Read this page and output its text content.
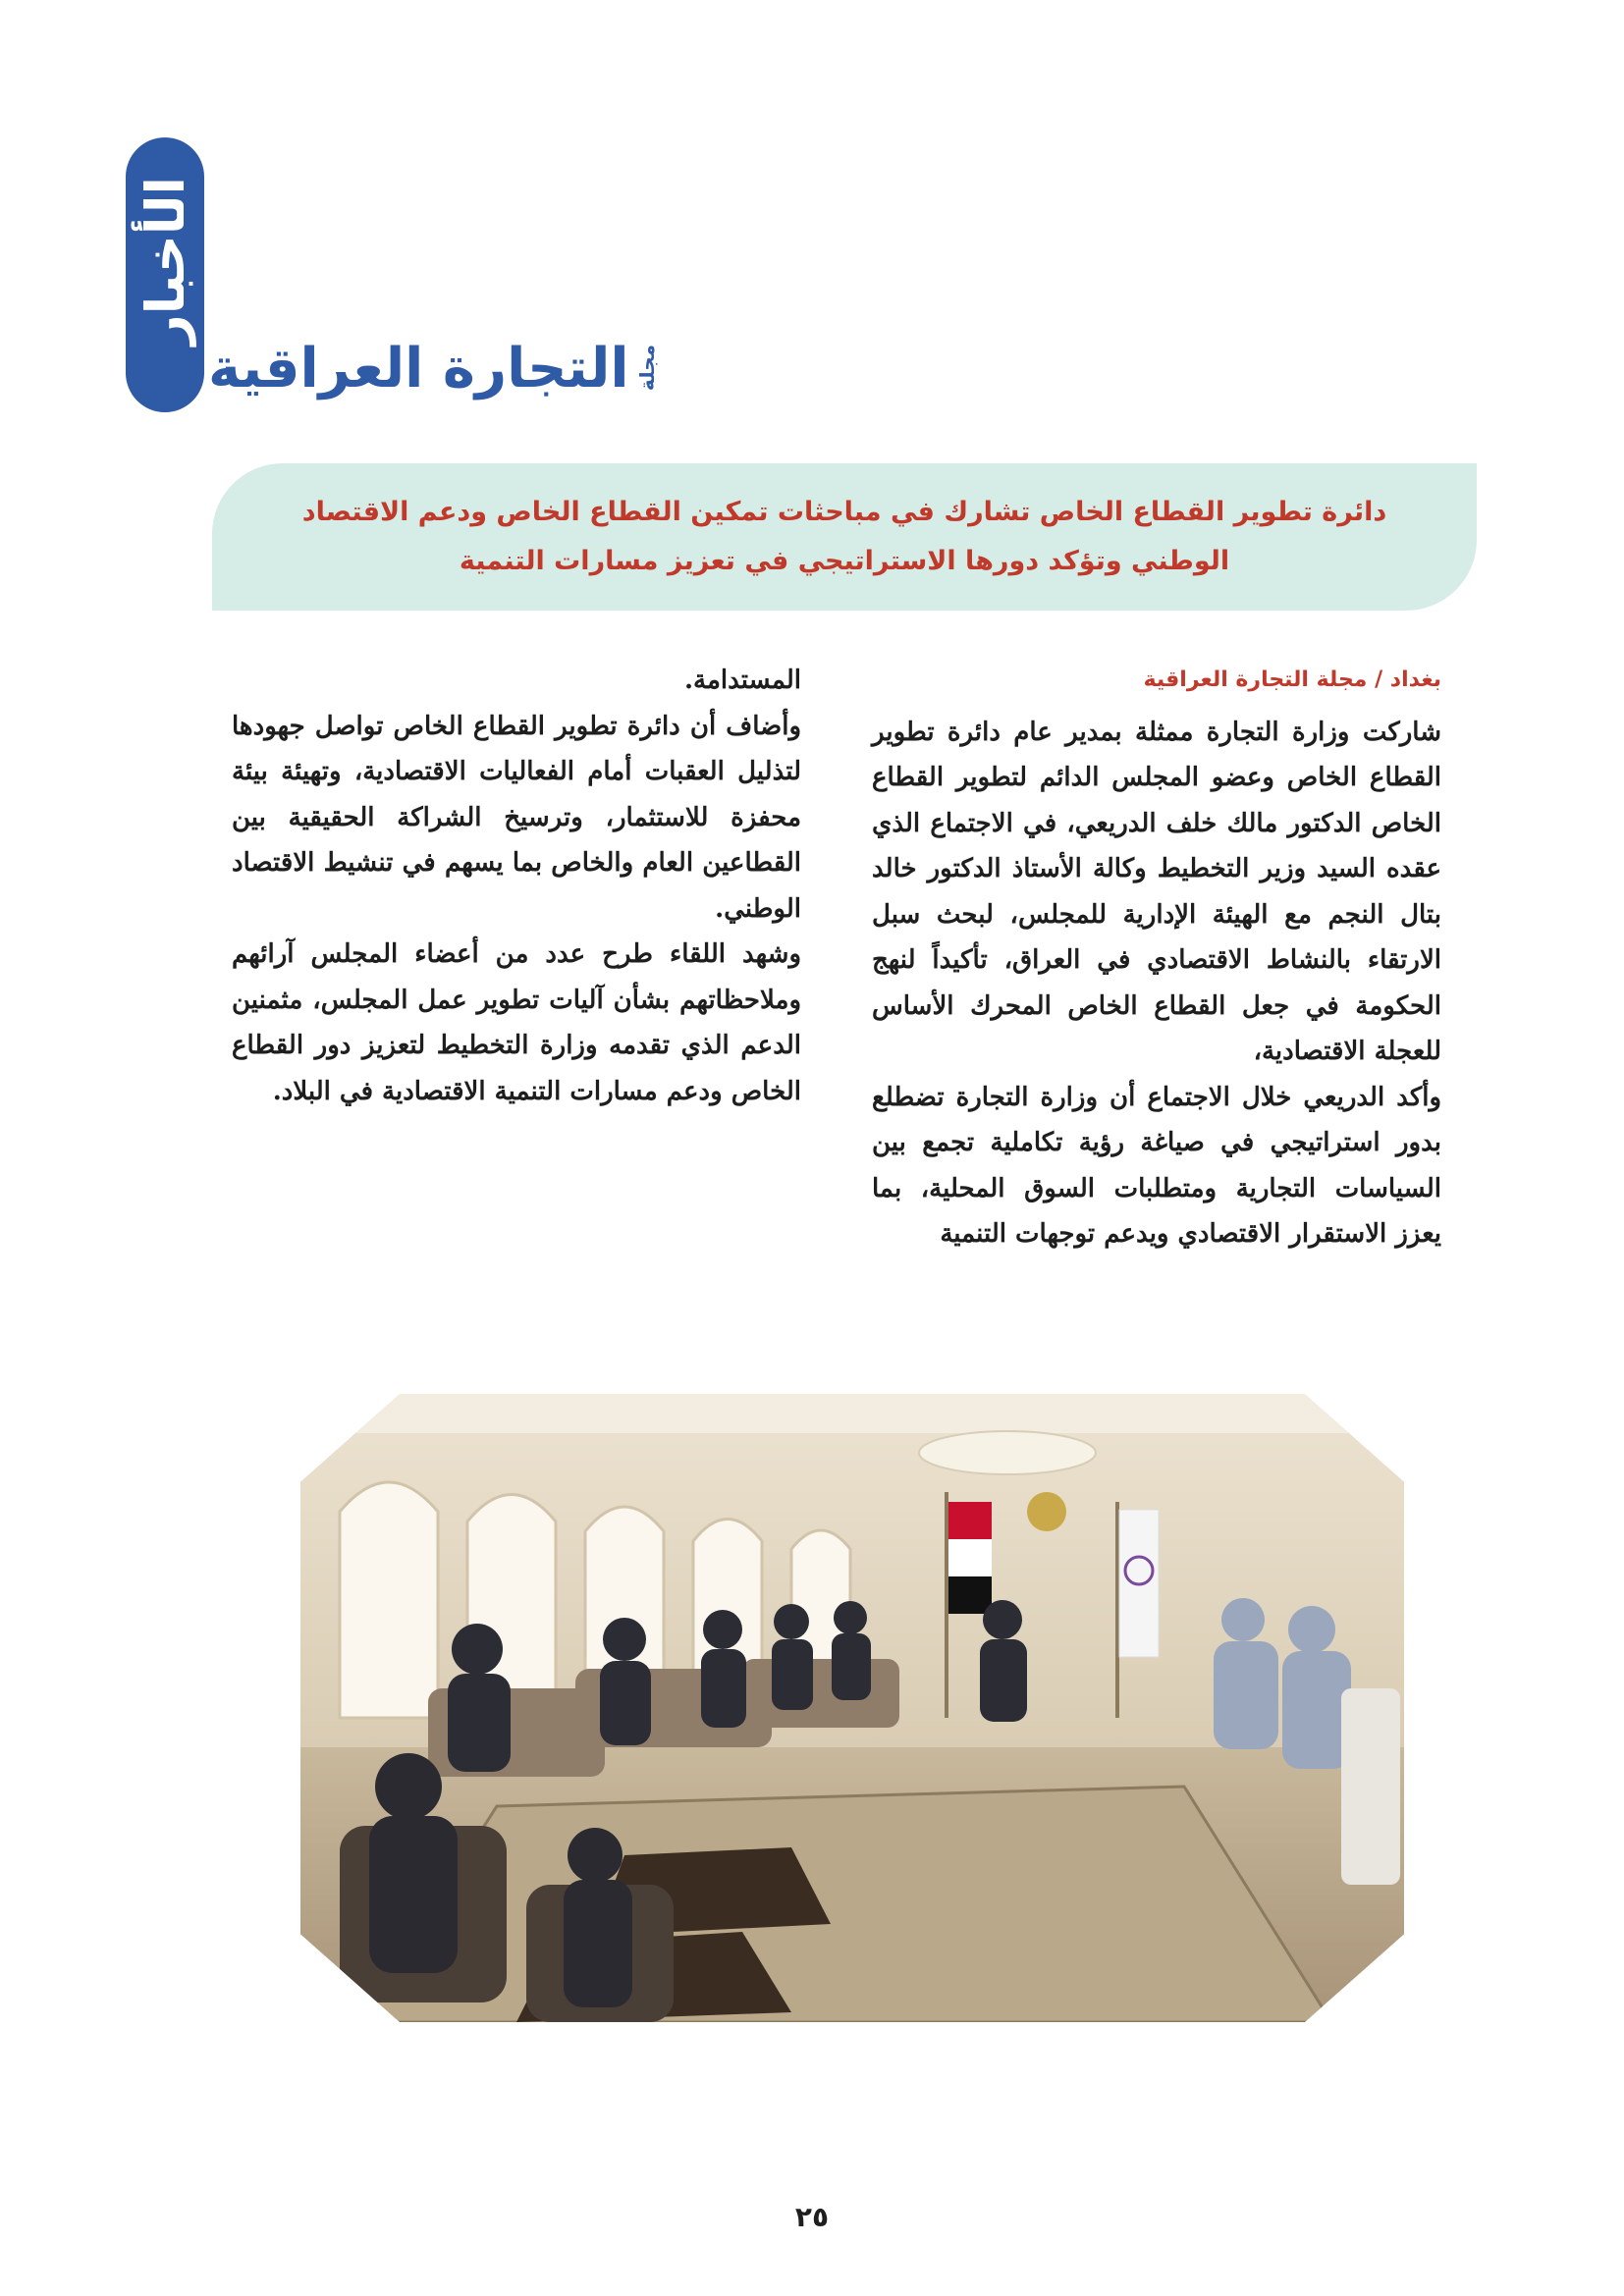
الأخبار
التجارة العراقية مجلة

دائرة تطوير القطاع الخاص تشارك في مباحثات تمكين القطاع الخاص ودعم الاقتصاد الوطني وتؤكد دورها الاستراتيجي في تعزيز مسارات التنمية

بغداد / مجلة التجارة العراقية

شاركت وزارة التجارة ممثلة بمدير عام دائرة تطوير القطاع الخاص وعضو المجلس الدائم لتطوير القطاع الخاص الدكتور مالك خلف الدريعي، في الاجتماع الذي عقده السيد وزير التخطيط وكالة الأستاذ الدكتور خالد بتال النجم مع الهيئة الإدارية للمجلس، لبحث سبل الارتقاء بالنشاط الاقتصادي في العراق، تأكيداً لنهج الحكومة في جعل القطاع الخاص المحرك الأساس للعجلة الاقتصادية،

وأكد الدريعي خلال الاجتماع أن وزارة التجارة تضطلع بدور استراتيجي في صياغة رؤية تكاملية تجمع بين السياسات التجارية ومتطلبات السوق المحلية، بما يعزز الاستقرار الاقتصادي ويدعم توجهات التنمية

المستدامة.

وأضاف أن دائرة تطوير القطاع الخاص تواصل جهودها لتذليل العقبات أمام الفعاليات الاقتصادية، وتهيئة بيئة محفزة للاستثمار، وترسيخ الشراكة الحقيقية بين القطاعين العام والخاص بما يسهم في تنشيط الاقتصاد الوطني.

وشهد اللقاء طرح عدد من أعضاء المجلس آرائهم وملاحظاتهم بشأن آليات تطوير عمل المجلس، مثمنين الدعم الذي تقدمه وزارة التخطيط لتعزيز دور القطاع الخاص ودعم مسارات التنمية الاقتصادية في البلاد.

٢٥
